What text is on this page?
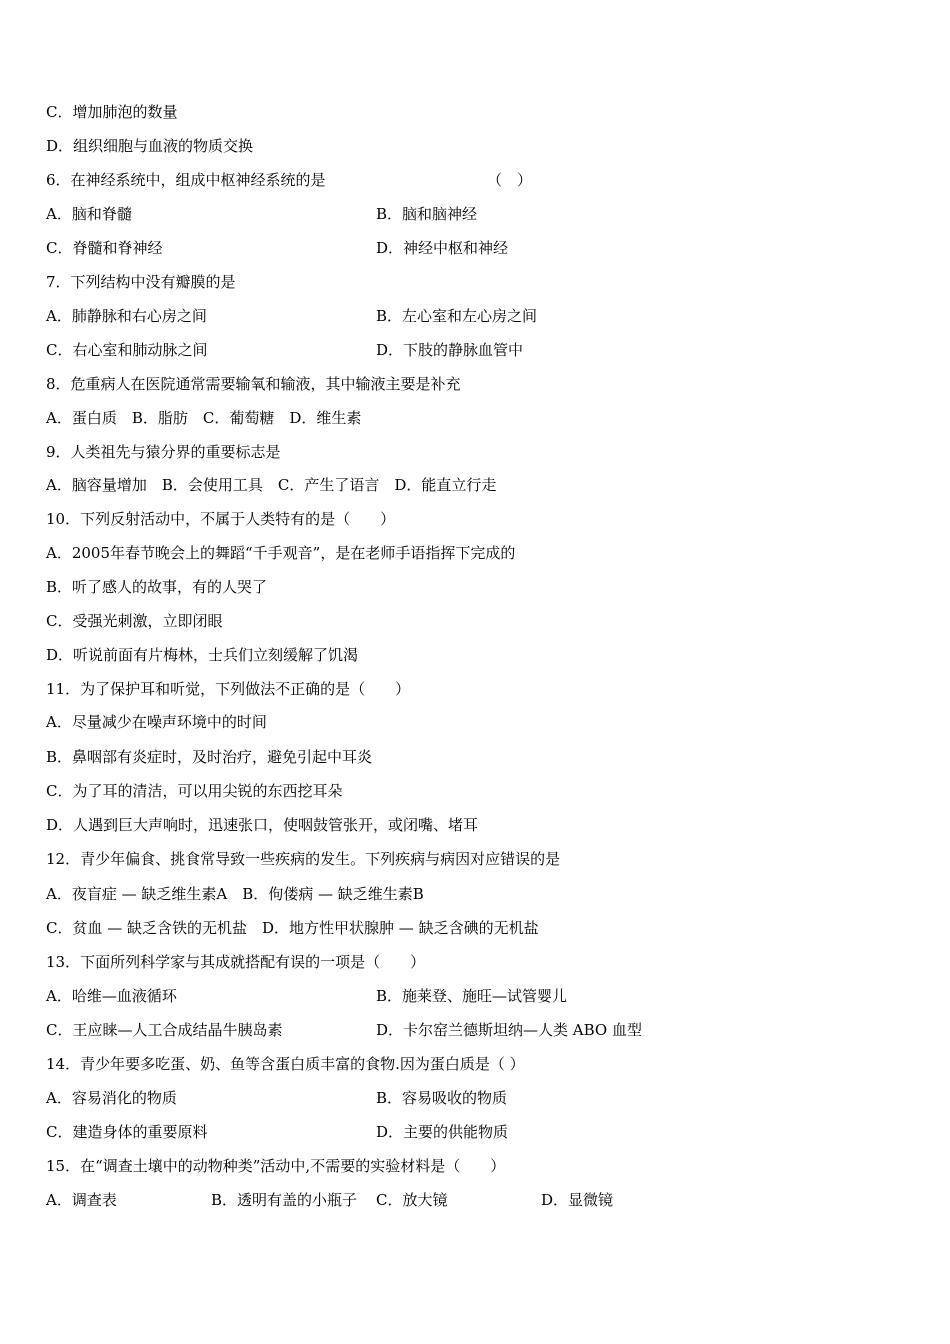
C．增加肺泡的数量
D．组织细胞与血液的物质交换
6．在神经系统中，组成中枢神经系统的是	（　）
A．脑和脊髓	B．脑和脑神经
C．脊髓和脊神经	D．神经中枢和神经
7．下列结构中没有瓣膜的是
A．肺静脉和右心房之间	B．左心室和左心房之间
C．右心室和肺动脉之间	D．下肢的静脉血管中
8．危重病人在医院通常需要输氧和输液，其中输液主要是补充
A．蛋白质　B．脂肪　C．葡萄糖　D．维生素
9．人类祖先与猿分界的重要标志是
A．脑容量增加　B．会使用工具　C．产生了语言　D．能直立行走
10．下列反射活动中，不属于人类特有的是（　　）
A．2005年春节晚会上的舞蹈“千手观音”，是在老师手语指挥下完成的
B．听了感人的故事，有的人哭了
C．受强光刺激，立即闭眼
D．听说前面有片梅林，士兵们立刻缓解了饥渴
11．为了保护耳和听觉，下列做法不正确的是（　　）
A．尽量减少在噪声环境中的时间
B．鼻咽部有炎症时，及时治疗，避免引起中耳炎
C．为了耳的清洁，可以用尖锐的东西挖耳朵
D．人遇到巨大声响时，迅速张口，使咽鼓管张开，或闭嘴、堵耳
12．青少年偏食、挑食常导致一些疾病的发生。下列疾病与病因对应错误的是
A．夜盲症 — 缺乏维生素A　B．佝偻病 — 缺乏维生素B
C．贫血 — 缺乏含铁的无机盐　D．地方性甲状腺肿 — 缺乏含碘的无机盐
13．下面所列科学家与其成就搭配有误的一项是（　　）
A．哈维—血液循环	B．施莱登、施旺—试管婴儿
C．王应睐—人工合成结晶牛胰岛素	D．卡尔窑兰德斯坦纳—人类 ABO 血型
14．青少年要多吃蛋、奶、鱼等含蛋白质丰富的食物.因为蛋白质是（ ）
A．容易消化的物质	B．容易吸收的物质
C．建造身体的重要原料	D．主要的供能物质
15．在“调查土壤中的动物种类”活动中,不需要的实验材料是（　　）
A．调查表	B．透明有盖的小瓶子 C．放大镜	D．显微镜
